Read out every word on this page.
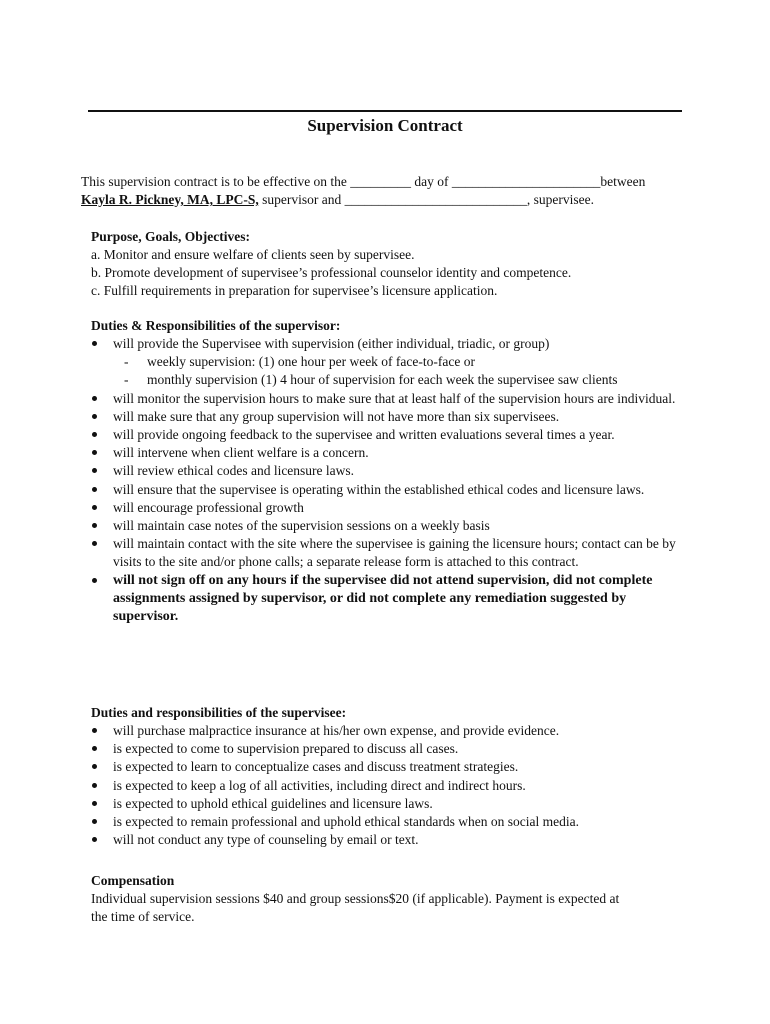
Supervision Contract
This supervision contract is to be effective on the _________ day of ______________________between
Kayla R. Pickney, MA, LPC-S, supervisor and ___________________________, supervisee.
Purpose, Goals, Objectives:
a. Monitor and ensure welfare of clients seen by supervisee.
b. Promote development of supervisee’s professional counselor identity and competence.
c. Fulfill requirements in preparation for supervisee’s licensure application.
Duties & Responsibilities of the supervisor:
will provide the Supervisee with supervision (either individual, triadic, or group)
- weekly supervision: (1) one hour per week of face-to-face or
- monthly supervision (1) 4 hour of supervision for each week the supervisee saw clients
will monitor the supervision hours to make sure that at least half of the supervision hours are individual.
will make sure that any group supervision will not have more than six supervisees.
will provide ongoing feedback to the supervisee and written evaluations several times a year.
will intervene when client welfare is a concern.
will review ethical codes and licensure laws.
will ensure that the supervisee is operating within the established ethical codes and licensure laws.
will encourage professional growth
will maintain case notes of the supervision sessions on a weekly basis
will maintain contact with the site where the supervisee is gaining the licensure hours; contact can be by visits to the site and/or phone calls; a separate release form is attached to this contract.
will not sign off on any hours if the supervisee did not attend supervision, did not complete assignments assigned by supervisor, or did not complete any remediation suggested by supervisor.
Duties and responsibilities of the supervisee:
will purchase malpractice insurance at his/her own expense, and provide evidence.
is expected to come to supervision prepared to discuss all cases.
is expected to learn to conceptualize cases and discuss treatment strategies.
is expected to keep a log of all activities, including direct and indirect hours.
is expected to uphold ethical guidelines and licensure laws.
is expected to remain professional and uphold ethical standards when on social media.
will not conduct any type of counseling by email or text.
Compensation
Individual supervision sessions $40 and group sessions$20 (if applicable). Payment is expected at the time of service.
